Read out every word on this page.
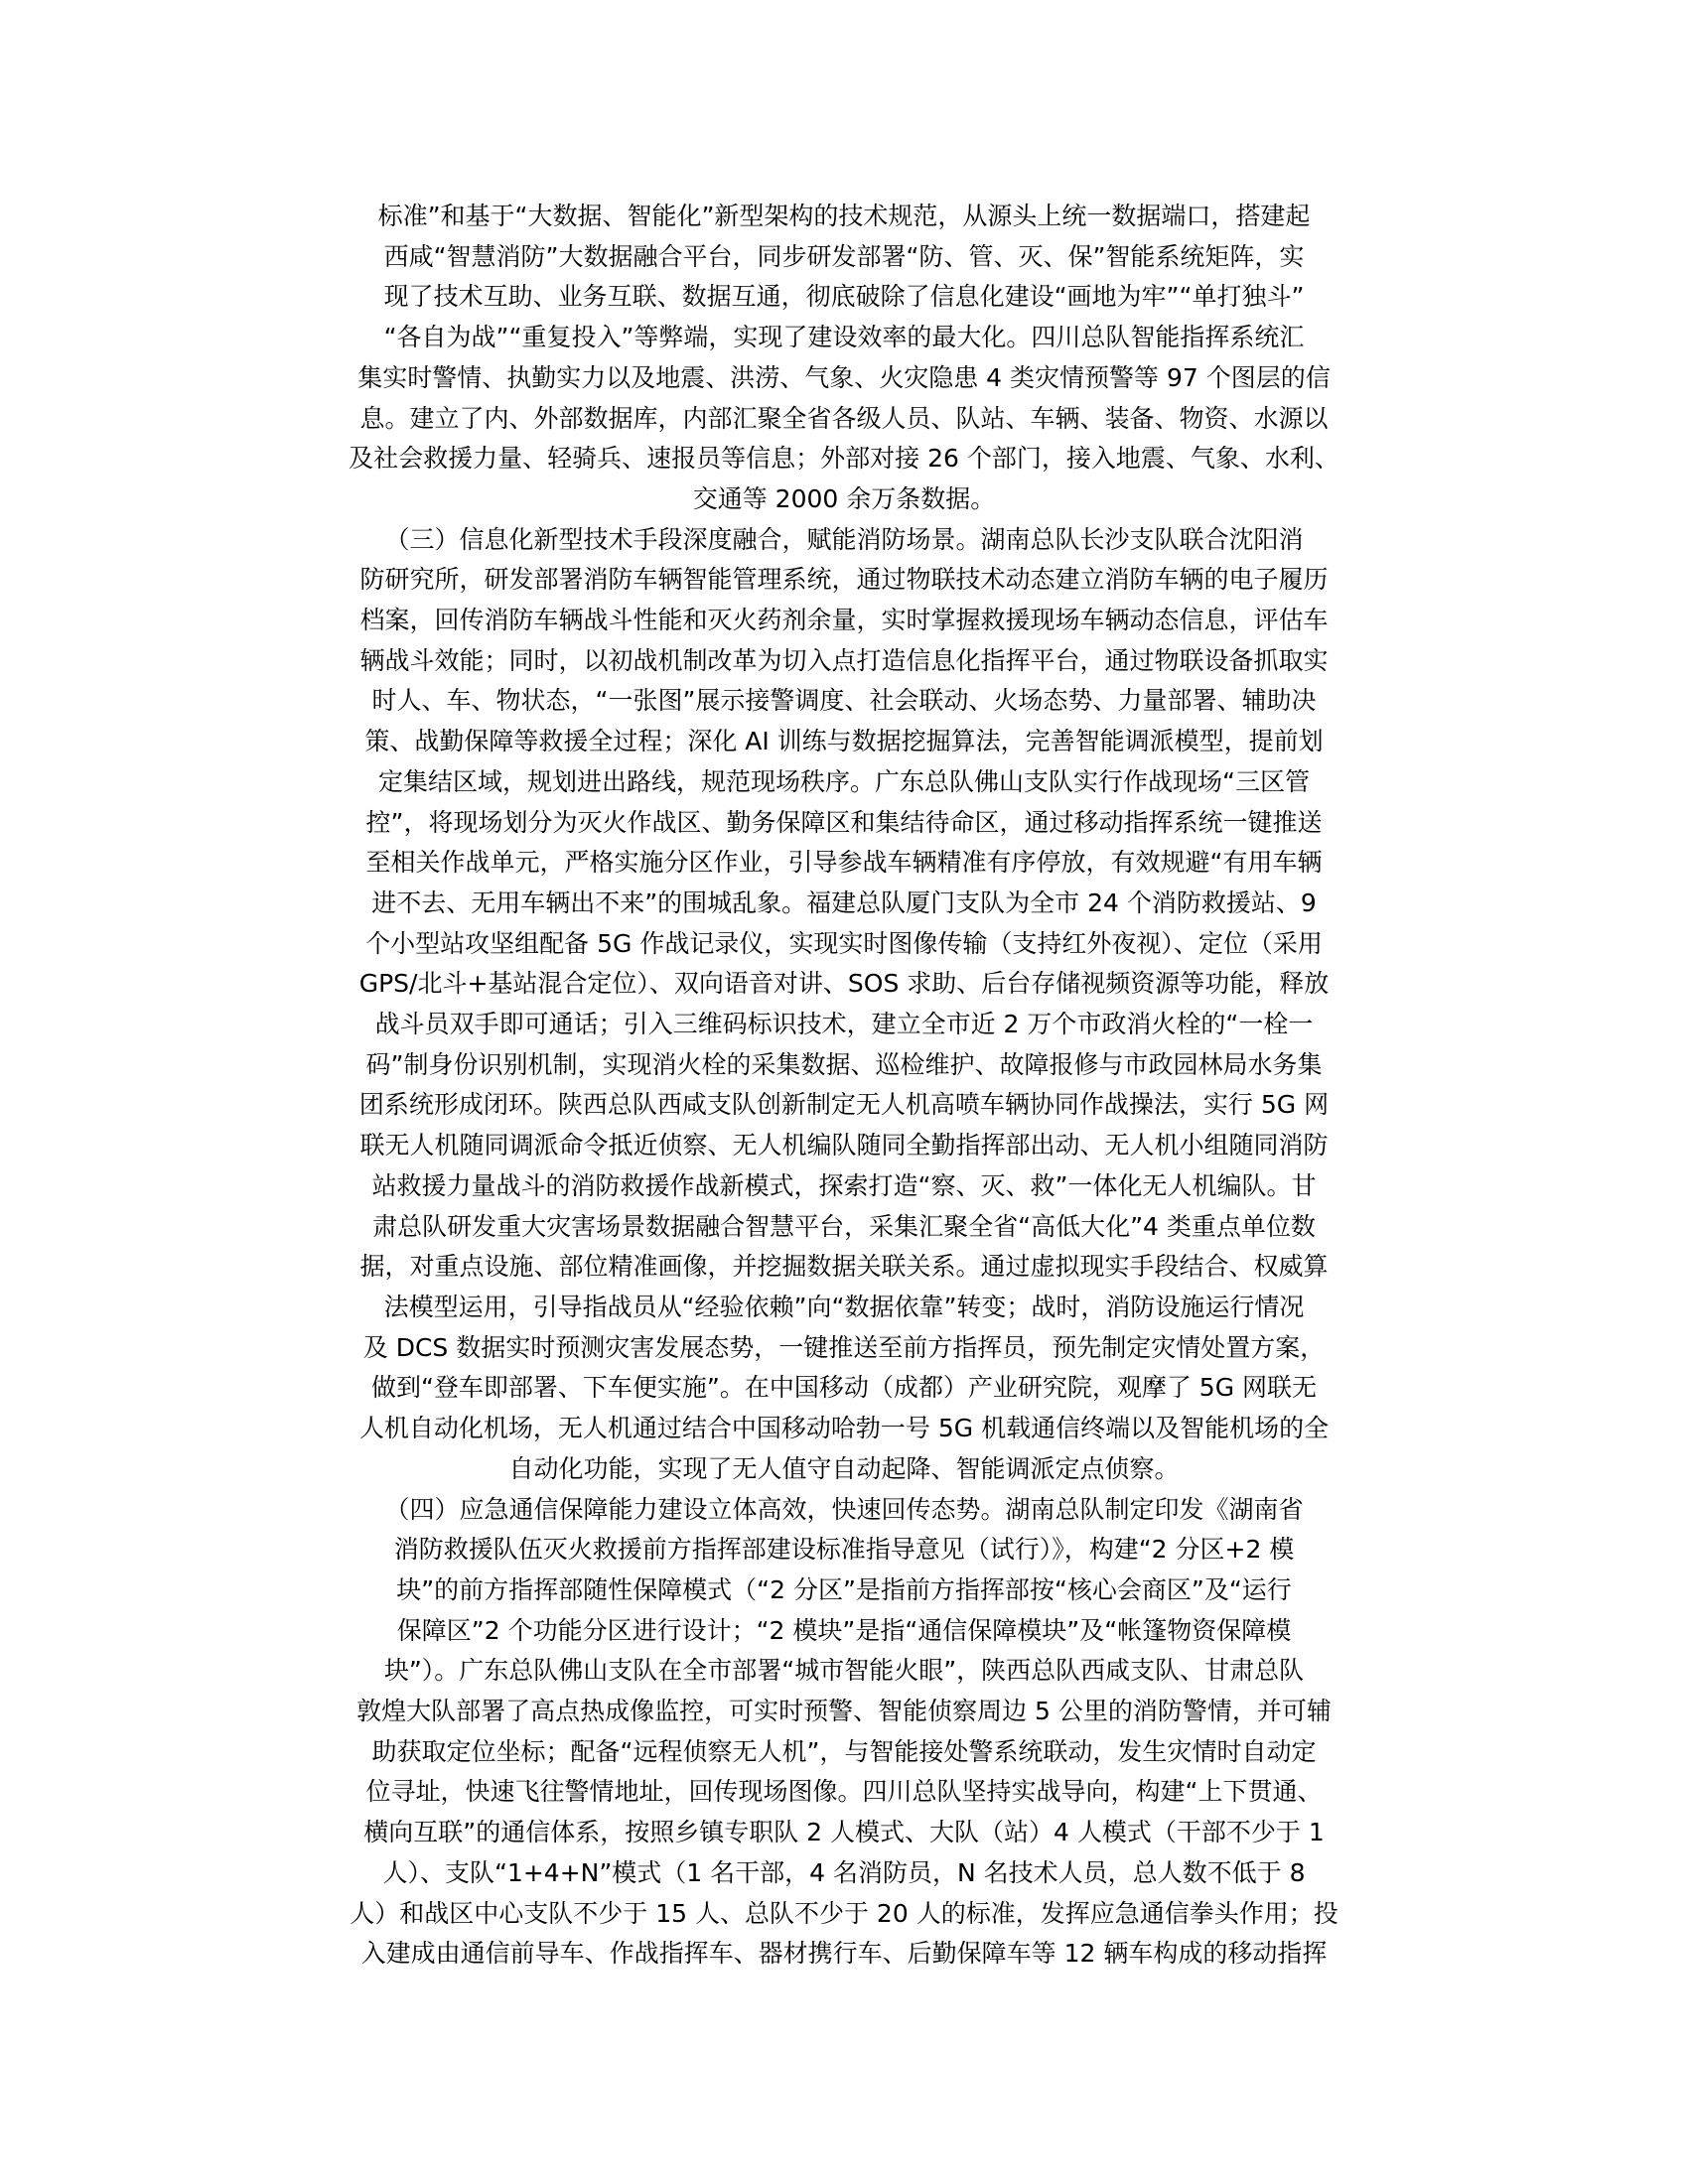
标准”和基于“大数据、智能化”新型架构的技术规范，从源头上统一数据端口，搭建起
西咸“智慧消防”大数据融合平台，同步研发部署“防、管、灭、保”智能系统矩阵，实
现了技术互助、业务互联、数据互通，彻底破除了信息化建设“画地为牢”“单打独斗”
“各自为战”“重复投入”等弊端，实现了建设效率的最大化。四川总队智能指挥系统汇
集实时警情、执勤实力以及地震、洪涝、气象、火灾隐患 4 类灾情预警等 97 个图层的信
息。建立了内、外部数据库，内部汇聚全省各级人员、队站、车辆、装备、物资、水源以
及社会救援力量、轻骑兵、速报员等信息；外部对接 26 个部门，接入地震、气象、水利、
交通等 2000 余万条数据。
（三）信息化新型技术手段深度融合，赋能消防场景。湖南总队长沙支队联合沈阳消
防研究所，研发部署消防车辆智能管理系统，通过物联技术动态建立消防车辆的电子履历
档案，回传消防车辆战斗性能和灭火药剂余量，实时掌握救援现场车辆动态信息，评估车
辆战斗效能；同时，以初战机制改革为切入点打造信息化指挥平台，通过物联设备抓取实
时人、车、物状态，“一张图”展示接警调度、社会联动、火场态势、力量部署、辅助决
策、战勤保障等救援全过程；深化 AI 训练与数据挖掘算法，完善智能调派模型，提前划
定集结区域，规划进出路线，规范现场秩序。广东总队佛山支队实行作战现场“三区管
控”，将现场划分为灭火作战区、勤务保障区和集结待命区，通过移动指挥系统一键推送
至相关作战单元，严格实施分区作业，引导参战车辆精准有序停放，有效规避“有用车辆
进不去、无用车辆出不来”的围城乱象。福建总队厦门支队为全市 24 个消防救援站、9
个小型站攻坚组配备 5G 作战记录仪，实现实时图像传输（支持红外夜视）、定位（采用
GPS/北斗+基站混合定位）、双向语音对讲、SOS 求助、后台存储视频资源等功能，释放
战斗员双手即可通话；引入三维码标识技术，建立全市近 2 万个市政消火栓的“一栓一
码”制身份识别机制，实现消火栓的采集数据、巡检维护、故障报修与市政园林局水务集
团系统形成闭环。陕西总队西咸支队创新制定无人机高喷车辆协同作战操法，实行 5G 网
联无人机随同调派命令抵近侦察、无人机编队随同全勤指挥部出动、无人机小组随同消防
站救援力量战斗的消防救援作战新模式，探索打造“察、灭、救”一体化无人机编队。甘
肃总队研发重大灾害场景数据融合智慧平台，采集汇聚全省“高低大化”4 类重点单位数
据，对重点设施、部位精准画像，并挖掘数据关联关系。通过虚拟现实手段结合、权威算
法模型运用，引导指战员从“经验依赖”向“数据依靠”转变；战时，消防设施运行情况
及 DCS 数据实时预测灾害发展态势，一键推送至前方指挥员，预先制定灾情处置方案，
做到“登车即部署、下车便实施”。在中国移动（成都）产业研究院，观摩了 5G 网联无
人机自动化机场，无人机通过结合中国移动哈勃一号 5G 机载通信终端以及智能机场的全
自动化功能，实现了无人值守自动起降、智能调派定点侦察。
（四）应急通信保障能力建设立体高效，快速回传态势。湖南总队制定印发《湖南省
消防救援队伍灭火救援前方指挥部建设标准指导意见（试行）》，构建“2 分区+2 模
块”的前方指挥部随性保障模式（“2 分区”是指前方指挥部按“核心会商区”及“运行
保障区”2 个功能分区进行设计；“2 模块”是指“通信保障模块”及“帐篷物资保障模
块”）。广东总队佛山支队在全市部署“城市智能火眼”，陕西总队西咸支队、甘肃总队
敦煌大队部署了高点热成像监控，可实时预警、智能侦察周边 5 公里的消防警情，并可辅
助获取定位坐标；配备“远程侦察无人机”，与智能接处警系统联动，发生灾情时自动定
位寻址，快速飞往警情地址，回传现场图像。四川总队坚持实战导向，构建“上下贯通、
横向互联”的通信体系，按照乡镇专职队 2 人模式、大队（站）4 人模式（干部不少于 1
人）、支队“1+4+N”模式（1 名干部，4 名消防员，N 名技术人员，总人数不低于 8
人）和战区中心支队不少于 15 人、总队不少于 20 人的标准，发挥应急通信拳头作用；投
入建成由通信前导车、作战指挥车、器材携行车、后勤保障车等 12 辆车构成的移动指挥
